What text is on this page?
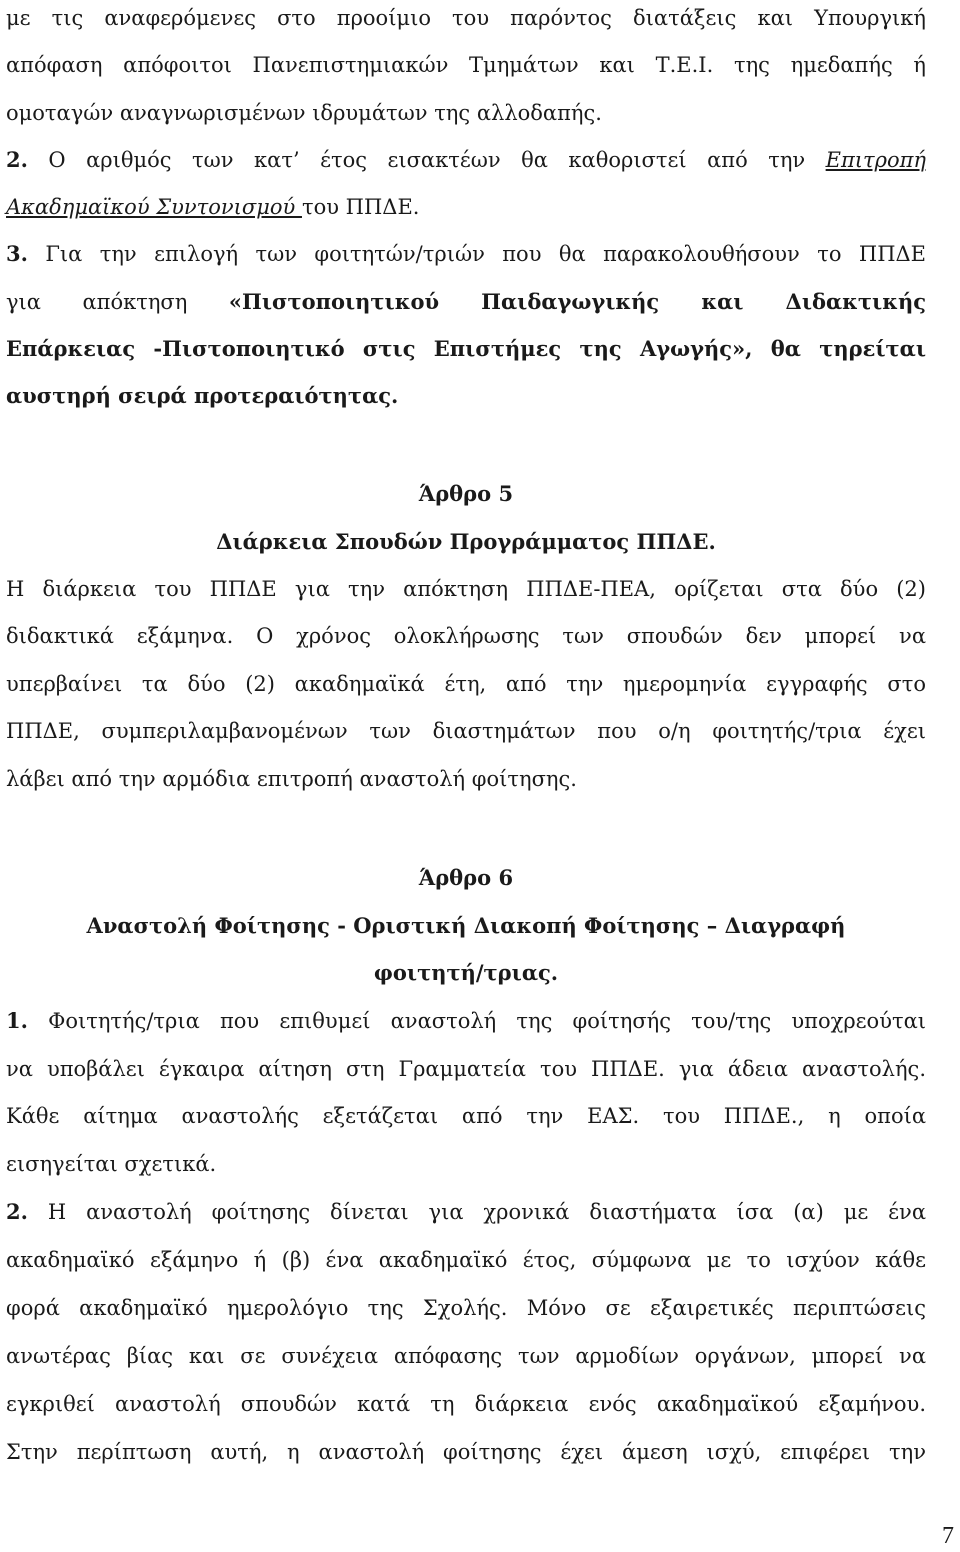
με τις αναφερόμενες στο προοίμιο του παρόντος διατάξεις και Υπουργική
απόφαση απόφοιτοι Πανεπιστημιακών Τμημάτων και Τ.Ε.Ι. της ημεδαπής ή
ομοταγών αναγνωρισμένων ιδρυμάτων της αλλοδαπής.
2. Ο αριθμός των κατ’ έτος εισακτέων θα καθοριστεί από την Επιτροπή
Ακαδημαϊκού Συντονισμού του ΠΠΔΕ.
3. Για την επιλογή των φοιτητών/τριών που θα παρακολουθήσουν το ΠΠΔΕ
για απόκτηση «Πιστοποιητικού Παιδαγωγικής και Διδακτικής
Επάρκειας -Πιστοποιητικό στις Επιστήμες της Αγωγής», θα τηρείται
αυστηρή σειρά προτεραιότητας.
Άρθρο 5
Διάρκεια Σπουδών Προγράμματος ΠΠΔΕ.
Η διάρκεια του ΠΠΔΕ για την απόκτηση ΠΠΔΕ-ΠΕΑ, ορίζεται στα δύο (2)
διδακτικά εξάμηνα. Ο χρόνος ολοκλήρωσης των σπουδών δεν μπορεί να
υπερβαίνει τα δύο (2) ακαδημαϊκά έτη, από την ημερομηνία εγγραφής στο
ΠΠΔΕ, συμπεριλαμβανομένων των διαστημάτων που ο/η φοιτητής/τρια έχει
λάβει από την αρμόδια επιτροπή αναστολή φοίτησης.
Άρθρο 6
Αναστολή Φοίτησης - Οριστική Διακοπή Φοίτησης – Διαγραφή
φοιτητή/τριας.
1. Φοιτητής/τρια που επιθυμεί αναστολή της φοίτησής του/της υποχρεούται
να υποβάλει έγκαιρα αίτηση στη Γραμματεία του ΠΠΔΕ. για άδεια αναστολής.
Κάθε αίτημα αναστολής εξετάζεται από την ΕΑΣ. του ΠΠΔΕ., η οποία
εισηγείται σχετικά.
2. Η αναστολή φοίτησης δίνεται για χρονικά διαστήματα ίσα (α) με ένα
ακαδημαϊκό εξάμηνο ή (β) ένα ακαδημαϊκό έτος, σύμφωνα με το ισχύον κάθε
φορά ακαδημαϊκό ημερολόγιο της Σχολής. Μόνο σε εξαιρετικές περιπτώσεις
ανωτέρας βίας και σε συνέχεια απόφασης των αρμοδίων οργάνων, μπορεί να
εγκριθεί αναστολή σπουδών κατά τη διάρκεια ενός ακαδημαϊκού εξαμήνου.
Στην περίπτωση αυτή, η αναστολή φοίτησης έχει άμεση ισχύ, επιφέρει την
7
